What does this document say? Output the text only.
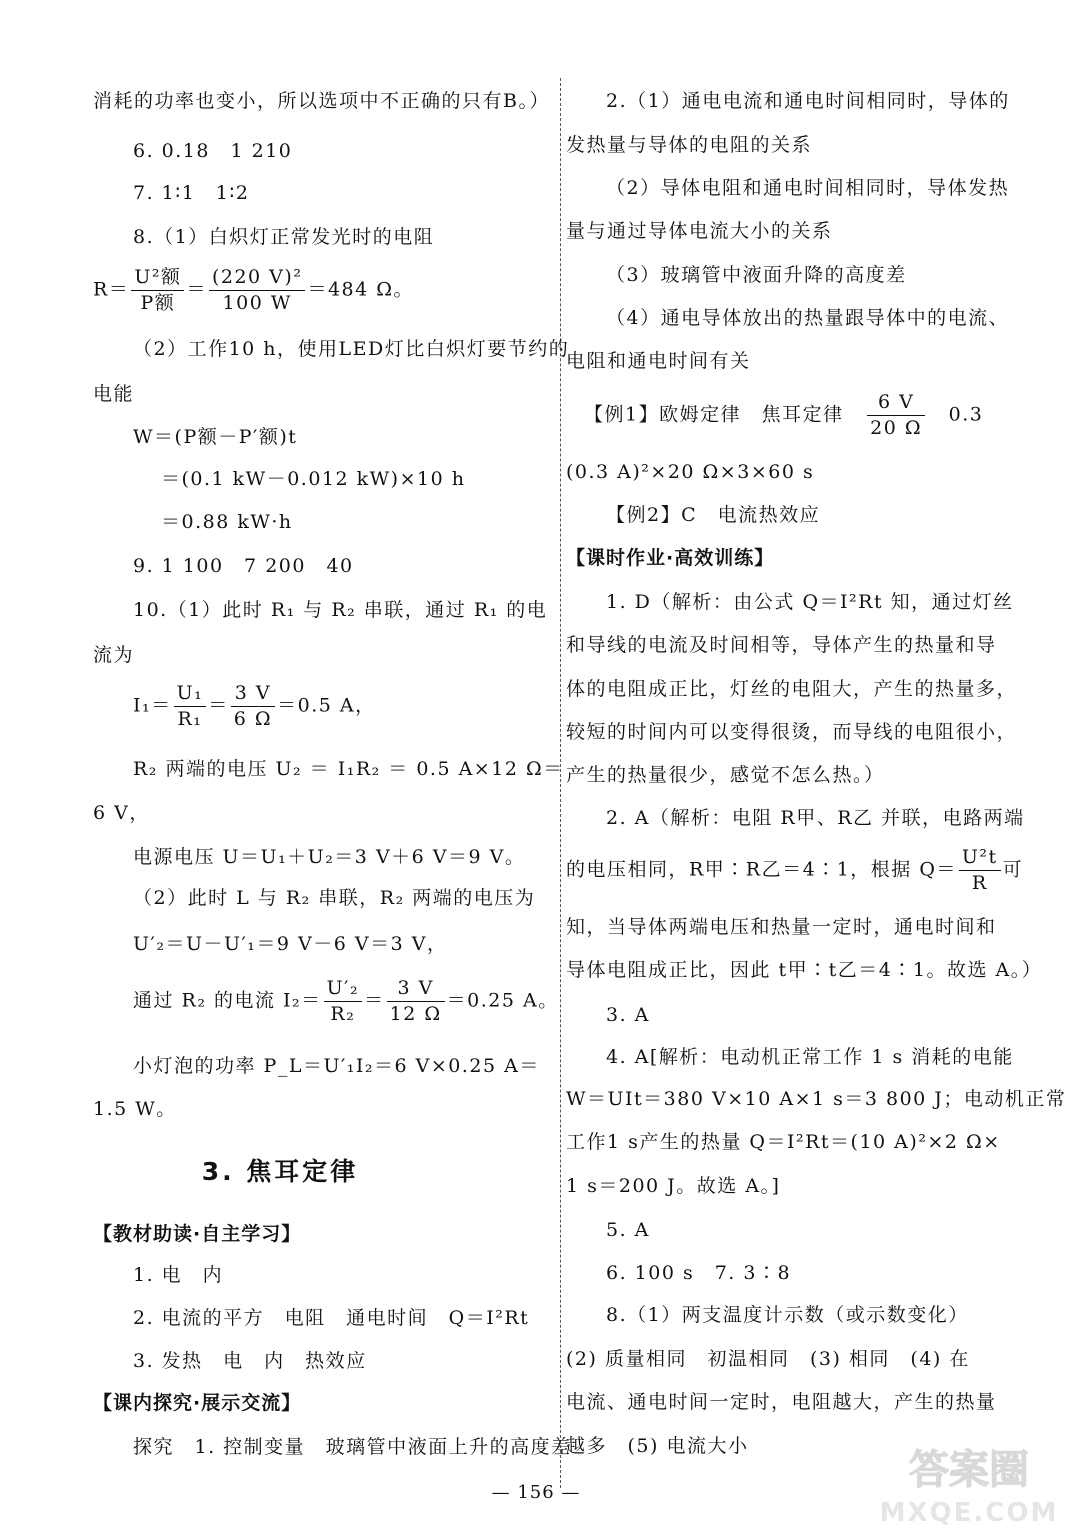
消耗的功率也变小，所以选项中不正确的只有B。）
6. 0.18　1 210
7. 1∶1　1∶2
8.（1）白炽灯正常发光时的电阻
$R= \frac{\text{U²额}}{\text{P额}} = \frac{\text{(220 V)²}}{100 W} =484$ Ω。
（2）工作10 h，使用LED灯比白炽灯要节约的
电能
W＝(P额－P′额)t
＝(0.1 kW－0.012 kW)×10 h
＝0.88 kW·h
9. 1 100　7 200　40
10.（1）此时 R₁ 与 R₂ 串联，通过 R₁ 的电
流为
$I_1= \frac{\text{U₁}}{\text{R₁}} = \frac{3 V}{6 \Omega} =0.5$ A，
R₂ 两端的电压 U₂ ＝ I₁R₂ ＝ 0.5 A×12 Ω＝
6 V，
电源电压 U＝U₁＋U₂＝3 V＋6 V＝9 V。
（2）此时 L 与 R₂ 串联，R₂ 两端的电压为
U′₂＝U－U′₁＝9 V－6 V＝3 V，
通过 R₂ 的电流 $I_2= \frac{\text{U′₂}}{\text{R₂}} = \frac{3 V}{12 \Omega} =0.25$ A。
小灯泡的功率 P_L＝U′₁I₂＝6 V×0.25 A＝
1.5 W。
3. 焦耳定律
【教材助读·自主学习】
1. 电　内
2. 电流的平方　电阻　通电时间　Q＝I²Rt
3. 发热　电　内　热效应
【课内探究·展示交流】
探究　1. 控制变量　玻璃管中液面上升的高度差
2.（1）通电电流和通电时间相同时，导体的
发热量与导体的电阻的关系
（2）导体电阻和通电时间相同时，导体发热
量与通过导体电流大小的关系
（3）玻璃管中液面升降的高度差
（4）通电导体放出的热量跟导体中的电流、
电阻和通电时间有关
【例1】欧姆定律　焦耳定律 $\frac{6 V}{20 \Omega} 0.3$
(0.3 A)²×20 Ω×3×60 s
【例2】C　电流热效应
【课时作业·高效训练】
1. D（解析：由公式 Q＝I²Rt 知，通过灯丝
和导线的电流及时间相等，导体产生的热量和导
体的电阻成正比，灯丝的电阻大，产生的热量多，
较短的时间内可以变得很烫，而导线的电阻很小，
产生的热量很少，感觉不怎么热。）
2. A（解析：电阻 R甲、R乙 并联，电路两端
的电压相同，R甲∶R乙＝4∶1，根据 $Q= \frac{\text{U²t}}{R}$ 可
知，当导体两端电压和热量一定时，通电时间和
导体电阻成正比，因此 t甲∶t乙＝4∶1。故选 A。）
3. A
4. A[解析：电动机正常工作 1 s 消耗的电能
W＝UIt＝380 V×10 A×1 s＝3 800 J；电动机正常
工作1 s产生的热量 Q＝I²Rt＝(10 A)²×2 Ω×
1 s＝200 J。故选 A。]
5. A
6. 100 s　7. 3∶8
8.（1）两支温度计示数（或示数变化）
(2) 质量相同　初温相同　(3) 相同　(4) 在
电流、通电时间一定时，电阻越大，产生的热量
越多　(5) 电流大小
— 156 —	答案圈
MXQE.COM
